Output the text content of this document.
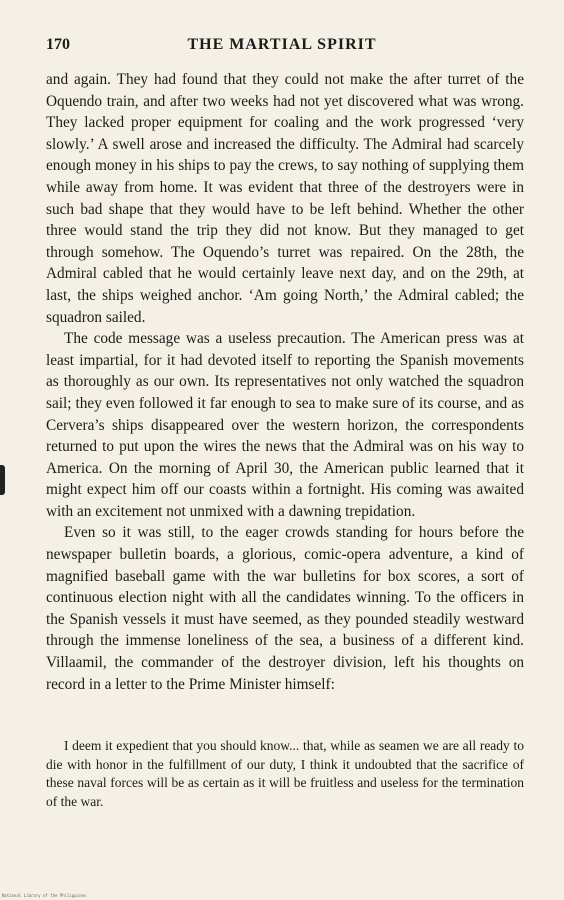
170	THE MARTIAL SPIRIT

and again. They had found that they could not make the after turret of the Oquendo train, and after two weeks had not yet discovered what was wrong. They lacked proper equipment for coaling and the work progressed ‘very slowly.’ A swell arose and increased the difficulty. The Admiral had scarcely enough money in his ships to pay the crews, to say nothing of supplying them while away from home. It was evident that three of the destroyers were in such bad shape that they would have to be left behind. Whether the other three would stand the trip they did not know. But they managed to get through somehow. The Oquendo’s turret was repaired. On the 28th, the Admiral cabled that he would certainly leave next day, and on the 29th, at last, the ships weighed anchor. ‘Am going North,’ the Admiral cabled; the squadron sailed.

The code message was a useless precaution. The American press was at least impartial, for it had devoted itself to reporting the Spanish movements as thoroughly as our own. Its representatives not only watched the squadron sail; they even followed it far enough to sea to make sure of its course, and as Cervera’s ships disappeared over the western horizon, the correspondents returned to put upon the wires the news that the Admiral was on his way to America. On the morning of April 30, the American public learned that it might expect him off our coasts within a fortnight. His coming was awaited with an excitement not unmixed with a dawning trepidation.

Even so it was still, to the eager crowds standing for hours before the newspaper bulletin boards, a glorious, comic-opera adventure, a kind of magnified baseball game with the war bulletins for box scores, a sort of continuous election night with all the candidates winning. To the officers in the Spanish vessels it must have seemed, as they pounded steadily westward through the immense loneliness of the sea, a business of a different kind. Villaamil, the commander of the destroyer division, left his thoughts on record in a letter to the Prime Minister himself:

I deem it expedient that you should know... that, while as seamen we are all ready to die with honor in the fulfillment of our duty, I think it undoubted that the sacrifice of these naval forces will be as certain as it will be fruitless and useless for the termination of the war.

National Library of the Philippines
